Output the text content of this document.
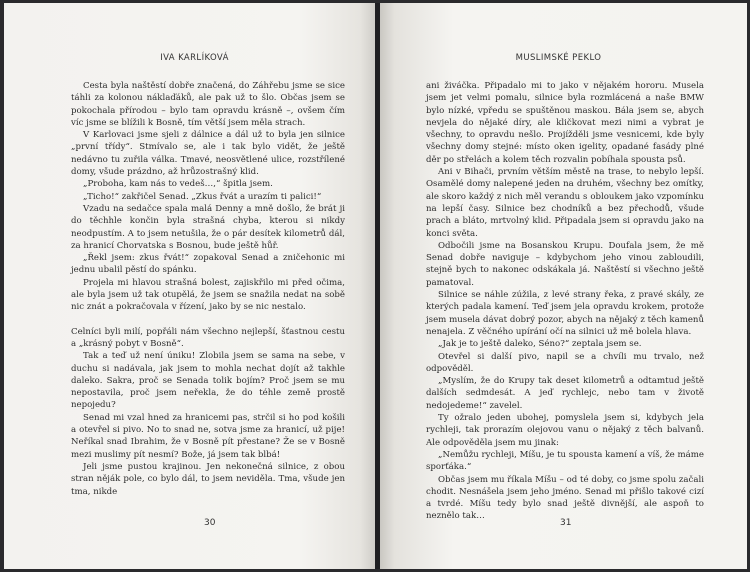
IVA KARLÍKOVÁ

Cesta byla naštěstí dobře značená, do Záhřebu jsme se sice táhli za kolonou náklaďáků, ale pak už to šlo. Občas jsem se pokochala přírodou – bylo tam opravdu krásně –, ovšem čím víc jsme se blížili k Bosně, tím větší jsem měla strach.

V Karlovaci jsme sjeli z dálnice a dál už to byla jen silnice „první třídy“. Stmívalo se, ale i tak bylo vidět, že ještě nedávno tu zuřila válka. Tmavé, neosvětlené ulice, rozstřílené domy, všude prázdno, až hrůzostrašný klid.

„Proboha, kam nás to vedeš…,“ špitla jsem.

„Ticho!“ zakřičel Senad. „Zkus řvát a urazím ti palici!“

Vzadu na sedačce spala malá Denny a mně došlo, že brát ji do těchhle končin byla strašná chyba, kterou si nikdy neodpustím. A to jsem netušila, že o pár desítek kilometrů dál, za hranicí Chorvatska s Bosnou, bude ještě hůř.

„Řekl jsem: zkus řvát!“ zopakoval Senad a zničehonic mi jednu ubalil pěstí do spánku.

Projela mi hlavou strašná bolest, zajiskřilo mi před očima, ale byla jsem už tak otupělá, že jsem se snažila nedat na sobě nic znát a pokračovala v řízení, jako by se nic nestalo.

Celníci byli milí, popřáli nám všechno nejlepší, šťastnou cestu a „krásný pobyt v Bosně“.

Tak a teď už není úniku! Zlobila jsem se sama na sebe, v duchu si nadávala, jak jsem to mohla nechat dojít až takhle daleko. Sakra, proč se Senada tolik bojím? Proč jsem se mu nepostavila, proč jsem neřekla, že do téhle země prostě nepojedu?

Senad mi vzal hned za hranicemi pas, strčil si ho pod košili a otevřel si pivo. No to snad ne, sotva jsme za hranicí, už pije! Neříkal snad Ibrahim, že v Bosně pít přestane? Že se v Bosně mezi muslimy pít nesmí? Bože, já jsem tak blbá!

Jeli jsme pustou krajinou. Jen nekonečná silnice, z obou stran něják pole, co bylo dál, to jsem neviděla. Tma, všude jen tma, nikde

30
MUSLIMSKÉ PEKLO

ani živáčka. Připadalo mi to jako v nějakém hororu. Musela jsem jet velmi pomalu, silnice byla rozmlácená a naše BMW bylo nízké, vpředu se spuštěnou maskou. Bála jsem se, abych nevjela do nějaké díry, ale kličkovat mezi nimi a vybrat je všechny, to opravdu nešlo. Projížděli jsme vesnicemi, kde byly všechny domy stejné: místo oken igelity, opadané fasády plné děr po střelách a kolem těch rozvalin pobíhala spousta psů.

Ani v Bihači, prvním větším městě na trase, to nebylo lepší. Osamělé domy nalepené jeden na druhém, všechny bez omítky, ale skoro každý z nich měl verandu s obloukem jako vzpomínku na lepší časy. Silnice bez chodníků a bez přechodů, všude prach a bláto, mrtvolný klid. Připadala jsem si opravdu jako na konci světa.

Odbočili jsme na Bosanskou Krupu. Doufala jsem, že mě Senad dobře naviguje – kdybychom jeho vinou zabloudili, stejně bych to nakonec odskákala já. Naštěstí si všechno ještě pamatoval.

Silnice se náhle zúžila, z levé strany řeka, z pravé skály, ze kterých padala kamení. Teď jsem jela opravdu krokem, protože jsem musela dávat dobrý pozor, abych na nějaký z těch kamenů nenajela. Z věčného upírání očí na silnici už mě bolela hlava.

„Jak je to ještě daleko, Séno?“ zeptala jsem se.

Otevřel si další pivo, napil se a chvíli mu trvalo, než odpověděl.

„Myslím, že do Krupy tak deset kilometrů a odtamtud ještě dalších sedmdesát. A jeď rychlejc, nebo tam v životě nedojedeme!“ zavelel.

Ty ožralo jeden ubohej, pomyslela jsem si, kdybych jela rychleji, tak prorazím olejovou vanu o nějaký z těch balvanů. Ale odpověděla jsem mu jinak:

„Nemůžu rychleji, Míšu, je tu spousta kamení a víš, že máme sporťáka.“

Občas jsem mu říkala Míšu – od té doby, co jsme spolu začali chodit. Nesnášela jsem jeho jméno. Senad mi přišlo takové cizí a tvrdé. Míšu tedy bylo snad ještě divnější, ale aspoň to neznělo tak…

31
